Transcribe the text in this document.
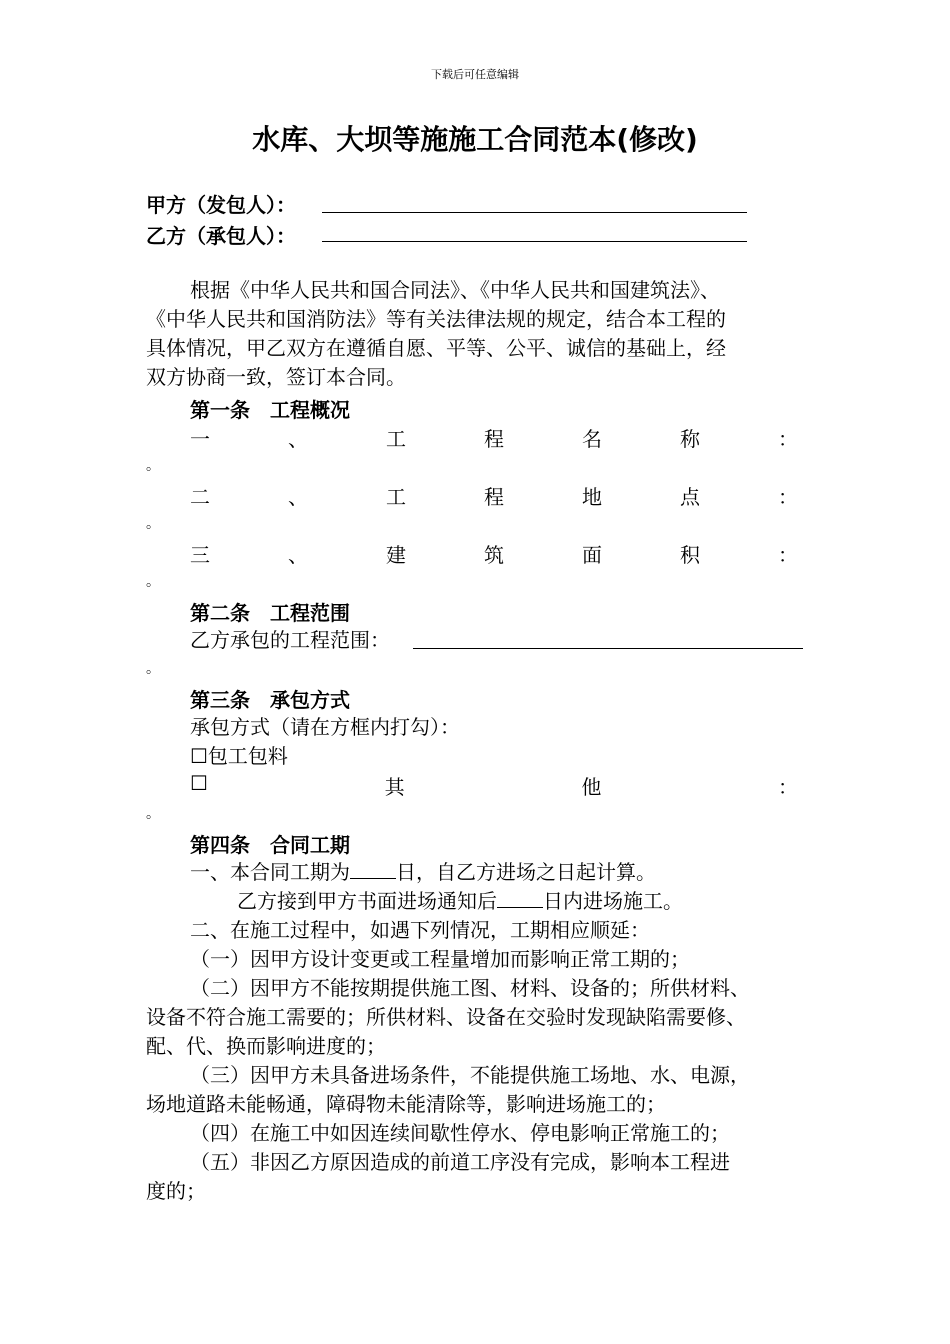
下载后可任意编辑
水库、大坝等施施工合同范本(修改)
甲方（发包人）：
乙方（承包人）：
根据《中华人民共和国合同法》、《中华人民共和国建筑法》、
《中华人民共和国消防法》等有关法律法规的规定，结合本工程的
具体情况，甲乙双方在遵循自愿、平等、公平、诚信的基础上，经
双方协商一致，签订本合同。
第一条　工程概况
一	、	工	程	名	称	：
。
二	、	工	程	地	点	：
。
三	、	建	筑	面	积	：
。
第二条　工程范围
乙方承包的工程范围：
。
第三条　承包方式
承包方式（请在方框内打勾）：
☐包工包料
☐	其	他	：
。
第四条　合同工期
一、本合同工期为 日，自乙方进场之日起计算。
乙方接到甲方书面进场通知后 日内进场施工。
二、在施工过程中，如遇下列情况，工期相应顺延：
（一）因甲方设计变更或工程量增加而影响正常工期的；
（二）因甲方不能按期提供施工图、材料、设备的；所供材料、
设备不符合施工需要的；所供材料、设备在交验时发现缺陷需要修、
配、代、换而影响进度的；
（三）因甲方未具备进场条件，不能提供施工场地、水、电源，
场地道路未能畅通，障碍物未能清除等，影响进场施工的；
（四）在施工中如因连续间歇性停水、停电影响正常施工的；
（五）非因乙方原因造成的前道工序没有完成，影响本工程进
度的；
